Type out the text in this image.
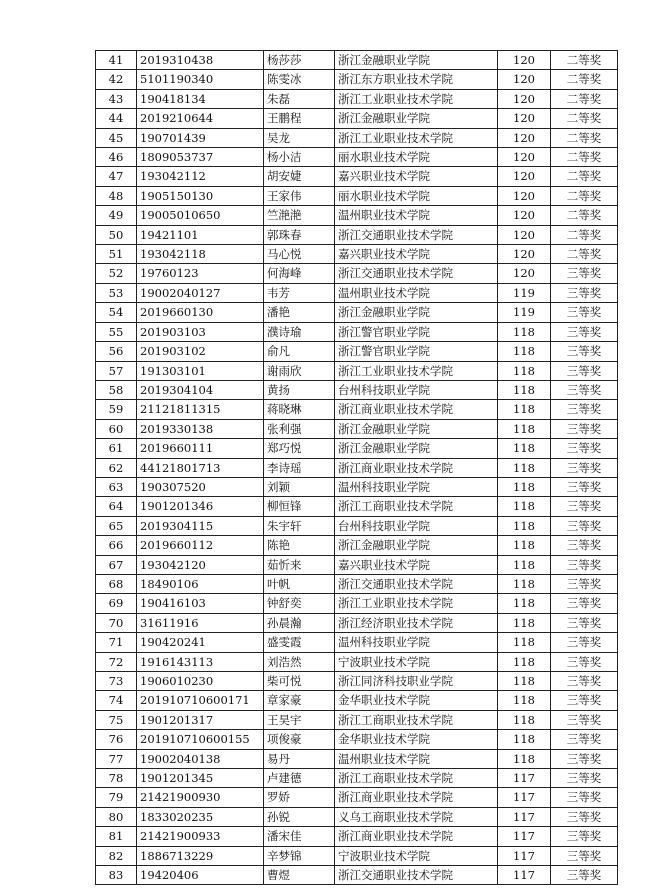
41	2019310438	杨莎莎	浙江金融职业学院	120	二等奖
42	5101190340	陈雯冰	浙江东方职业技术学院	120	二等奖
43	190418134	朱磊	浙江工业职业技术学院	120	二等奖
44	2019210644	王鹏程	浙江金融职业学院	120	二等奖
45	190701439	吴龙	浙江工业职业技术学院	120	二等奖
46	1809053737	杨小洁	丽水职业技术学院	120	二等奖
47	193042112	胡安婕	嘉兴职业技术学院	120	二等奖
48	1905150130	王家伟	丽水职业技术学院	120	二等奖
49	19005010650	竺滟滟	温州职业技术学院	120	二等奖
50	19421101	郭珠春	浙江交通职业技术学院	120	二等奖
51	193042118	马心悦	嘉兴职业技术学院	120	二等奖
52	19760123	何海峰	浙江交通职业技术学院	120	三等奖
53	19002040127	韦芳	温州职业技术学院	119	三等奖
54	2019660130	潘艳	浙江金融职业学院	119	三等奖
55	201903103	濮诗瑜	浙江警官职业学院	118	三等奖
56	201903102	俞凡	浙江警官职业学院	118	三等奖
57	191303101	谢雨欣	浙江工业职业技术学院	118	三等奖
58	2019304104	黄扬	台州科技职业学院	118	三等奖
59	21121811315	蒋晓琳	浙江商业职业技术学院	118	三等奖
60	2019330138	张利强	浙江金融职业学院	118	三等奖
61	2019660111	郑巧悦	浙江金融职业学院	118	三等奖
62	44121801713	李诗瑶	浙江商业职业技术学院	118	三等奖
63	190307520	刘颖	温州科技职业学院	118	三等奖
64	1901201346	柳恒锋	浙江工商职业技术学院	118	三等奖
65	2019304115	朱宇轩	台州科技职业学院	118	三等奖
66	2019660112	陈艳	浙江金融职业学院	118	三等奖
67	193042120	茹忻来	嘉兴职业技术学院	118	三等奖
68	18490106	叶帆	浙江交通职业技术学院	118	三等奖
69	190416103	钟舒奕	浙江工业职业技术学院	118	三等奖
70	31611916	孙晨瀚	浙江经济职业技术学院	118	三等奖
71	190420241	盛雯霞	温州科技职业学院	118	三等奖
72	1916143113	刘浩然	宁波职业技术学院	118	三等奖
73	1906010230	柴可悦	浙江同济科技职业学院	118	三等奖
74	201910710600171	章家豪	金华职业技术学院	118	三等奖
75	1901201317	王昊宇	浙江工商职业技术学院	118	三等奖
76	201910710600155	项俊豪	金华职业技术学院	118	三等奖
77	19002040138	易丹	温州职业技术学院	118	三等奖
78	1901201345	卢建德	浙江工商职业技术学院	117	三等奖
79	21421900930	罗娇	浙江商业职业技术学院	117	三等奖
80	1833020235	孙锐	义乌工商职业技术学院	117	三等奖
81	21421900933	潘宋佳	浙江商业职业技术学院	117	三等奖
82	1886713229	辛梦锦	宁波职业技术学院	117	三等奖
83	19420406	曹煜	浙江交通职业技术学院	117	三等奖
